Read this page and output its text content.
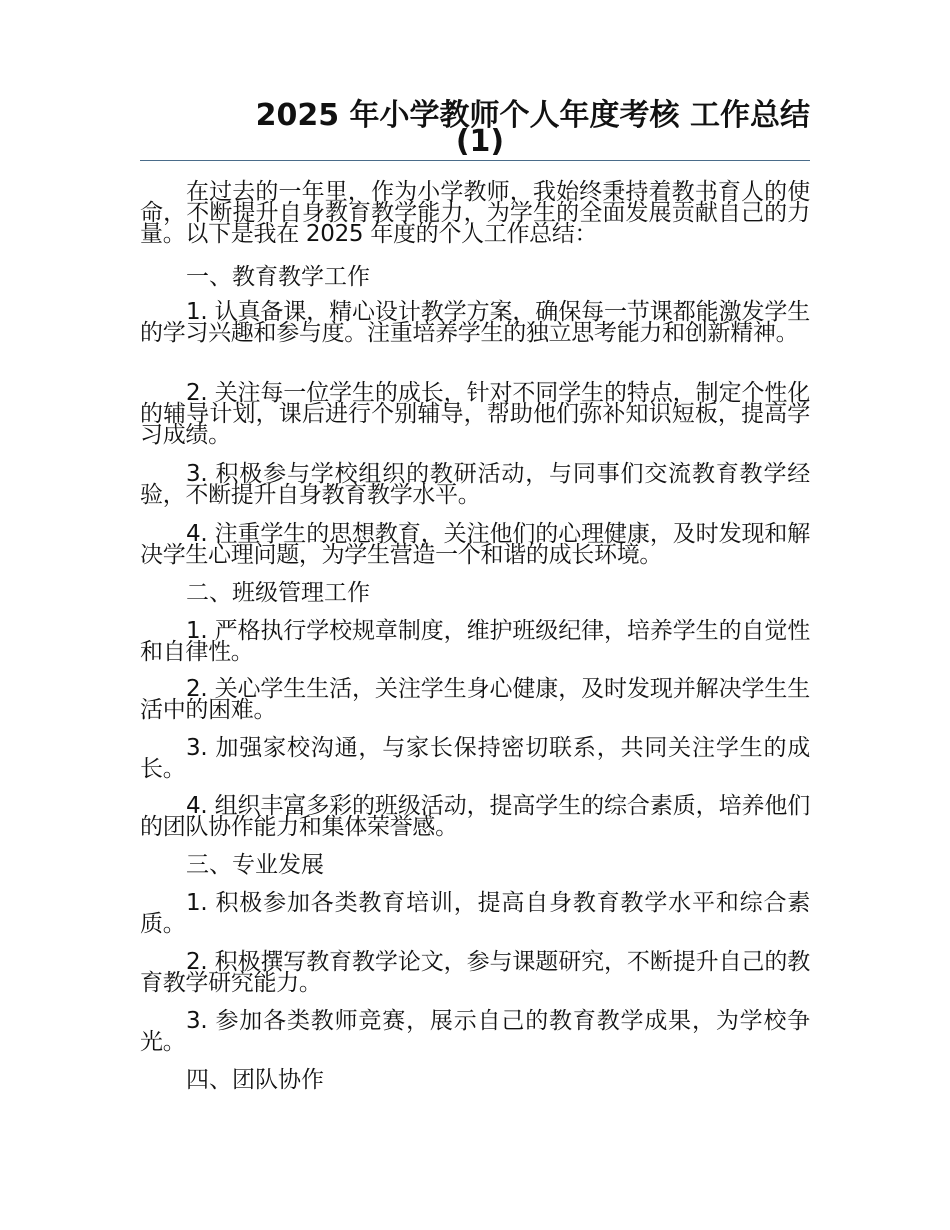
2025 年小学教师个人年度考核 工作总结
(1)

在过去的一年里，作为小学教师，我始终秉持着教书育人的使命，不断提升自身教育教学能力，为学生的全面发展贡献自己的力量。以下是我在 2025 年度的个人工作总结：

一、教育教学工作

1. 认真备课，精心设计教学方案，确保每一节课都能激发学生的学习兴趣和参与度。注重培养学生的独立思考能力和创新精神。

2. 关注每一位学生的成长，针对不同学生的特点，制定个性化的辅导计划，课后进行个别辅导，帮助他们弥补知识短板，提高学习成绩。

3. 积极参与学校组织的教研活动，与同事们交流教育教学经验，不断提升自身教育教学水平。

4. 注重学生的思想教育，关注他们的心理健康，及时发现和解决学生心理问题，为学生营造一个和谐的成长环境。

二、班级管理工作

1. 严格执行学校规章制度，维护班级纪律，培养学生的自觉性和自律性。

2. 关心学生生活，关注学生身心健康，及时发现并解决学生生活中的困难。

3. 加强家校沟通，与家长保持密切联系，共同关注学生的成长。

4. 组织丰富多彩的班级活动，提高学生的综合素质，培养他们的团队协作能力和集体荣誉感。

三、专业发展

1. 积极参加各类教育培训，提高自身教育教学水平和综合素质。

2. 积极撰写教育教学论文，参与课题研究，不断提升自己的教育教学研究能力。

3. 参加各类教师竞赛，展示自己的教育教学成果，为学校争光。

四、团队协作
